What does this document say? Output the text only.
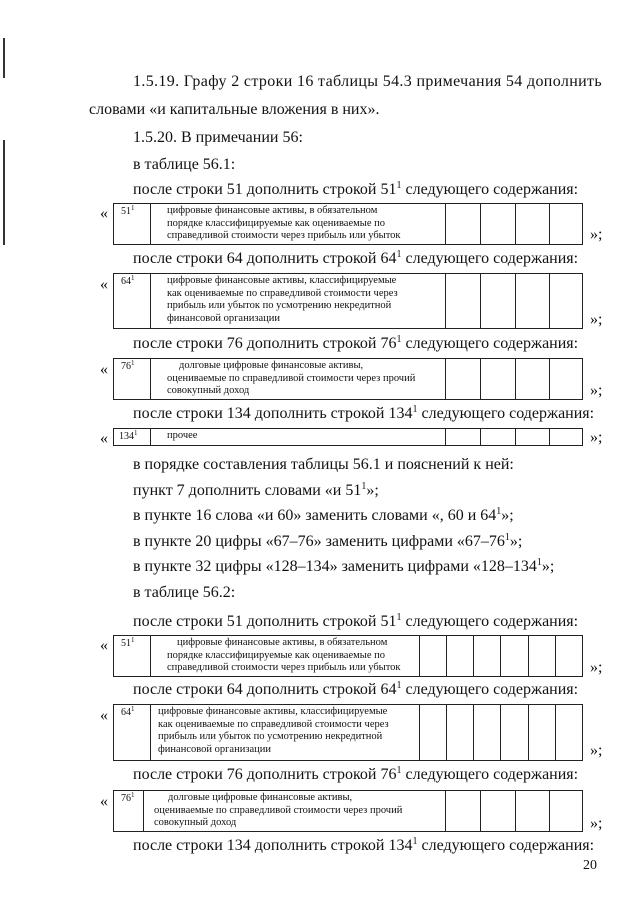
1.5.19. Графу 2 строки 16 таблицы 54.3 примечания 54 дополнить
словами «и капитальные вложения в них».
1.5.20. В примечании 56:
в таблице 56.1:
после строки 51 дополнить строкой $51^1$ следующего содержания:
«	$51^1$	цифровые финансовые активы, в обязательном
порядке классифицируемые как оцениваемые по
справедливой стоимости через прибыль или убыток	»;
после строки 64 дополнить строкой $64^1$ следующего содержания:
«	$64^1$	цифровые финансовые активы, классифицируемые
как оцениваемые по справедливой стоимости через
прибыль или убыток по усмотрению некредитной
финансовой организации	»;
после строки 76 дополнить строкой $76^1$ следующего содержания:
«	$76^1$	долговые цифровые финансовые активы,
оцениваемые по справедливой стоимости через прочий
совокупный доход	»;
после строки 134 дополнить строкой $134^1$ следующего содержания:
«	$134^1$	прочее	»;
в порядке составления таблицы 56.1 и пояснений к ней:
пункт 7 дополнить словами «и $51^1$»;
в пункте 16 слова «и 60» заменить словами «, 60 и $64^1$»;
в пункте 20 цифры «67–76» заменить цифрами «$67-76^1$»;
в пункте 32 цифры «128–134» заменить цифрами «$128-134^1$»;
в таблице 56.2:
после строки 51 дополнить строкой $51^1$ следующего содержания:
«	$51^1$	цифровые финансовые активы, в обязательном
порядке классифицируемые как оцениваемые по
справедливой стоимости через прибыль или убыток	»;
после строки 64 дополнить строкой $64^1$ следующего содержания:
«	$64^1$	цифровые финансовые активы, классифицируемые
как оцениваемые по справедливой стоимости через
прибыль или убыток по усмотрению некредитной
финансовой организации	»;
после строки 76 дополнить строкой $76^1$ следующего содержания:
«	$76^1$	долговые цифровые финансовые активы,
оцениваемые по справедливой стоимости через прочий
совокупный доход	»;
после строки 134 дополнить строкой $134^1$ следующего содержания:
20
